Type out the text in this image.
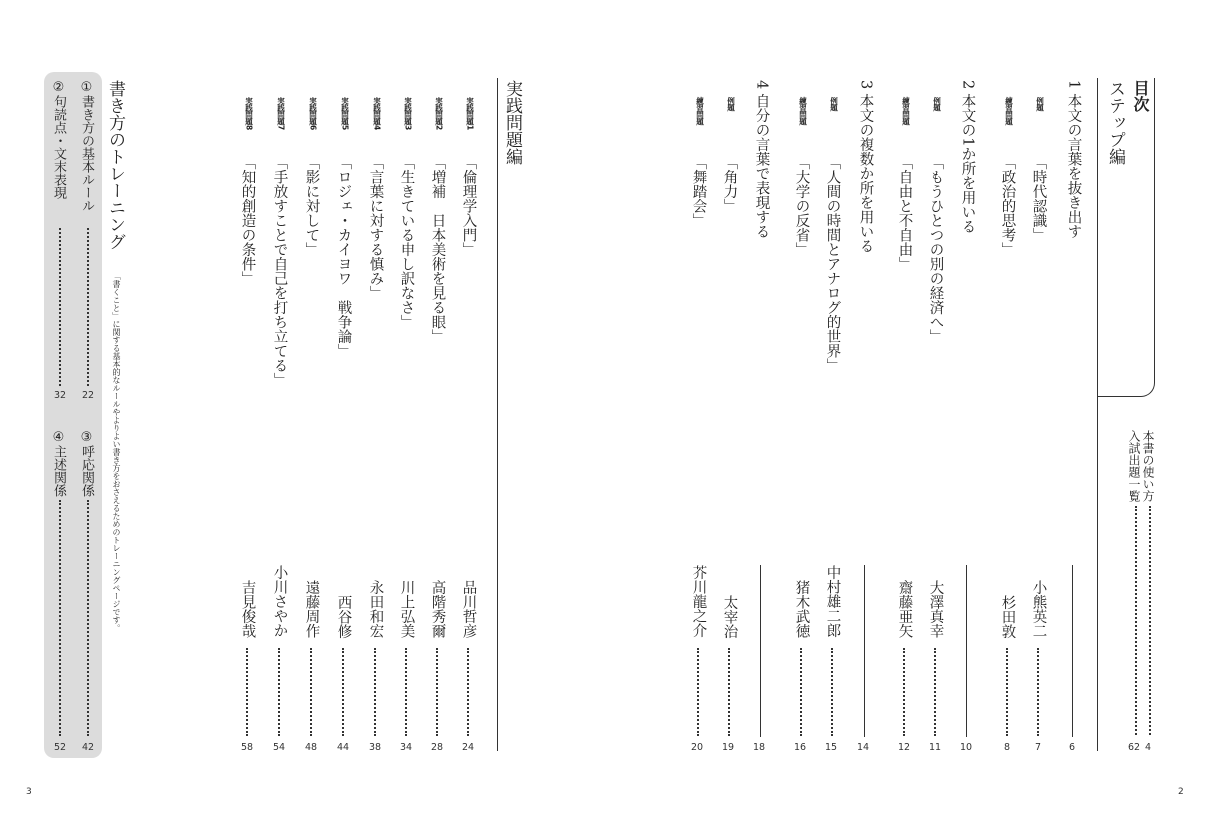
目次
ステップ編
本書の使い方
4
入試出題一覧
62
1 本文の言葉を抜き出す
6
例題
「時代認識」
小熊英二
7
練習問題
「政治的思考」
杉田敦
8
2 本文の1か所を用いる
10
例題
「もうひとつの別の経済へ」
大澤真幸
11
練習問題
「自由と不自由」
齋藤亜矢
12
3 本文の複数か所を用いる
14
例題
「人間の時間とアナログ的世界」
中村雄二郎
15
練習問題
「大学の反省」
猪木武徳
16
4 自分の言葉で表現する
18
例題
「角力」
太宰治
19
練習問題
「舞踏会」
芥川龍之介
20
2
実践問題編
実践問題1
「倫理学入門」
品川哲彦
24
実践問題2
「増補　日本美術を見る眼」
高階秀爾
28
実践問題3
「生きている申し訳なさ」
川上弘美
34
実践問題4
「言葉に対する慎み」
永田和宏
38
実践問題5
「ロジェ・カイヨワ　戦争論」
西谷修
44
実践問題6
「影に対して」
遠藤周作
48
実践問題7
「手放すことで自己を打ち立てる」
小川さやか
54
実践問題8
「知的創造の条件」
吉見俊哉
58
書き方のトレーニング
「書くこと」に関する基本的なルールやよりよい書き方をおさえるためのトレーニングページです。
①書き方の基本ルール
22
②句読点・文末表現
32
③呼応関係
42
④主述関係
52
3
